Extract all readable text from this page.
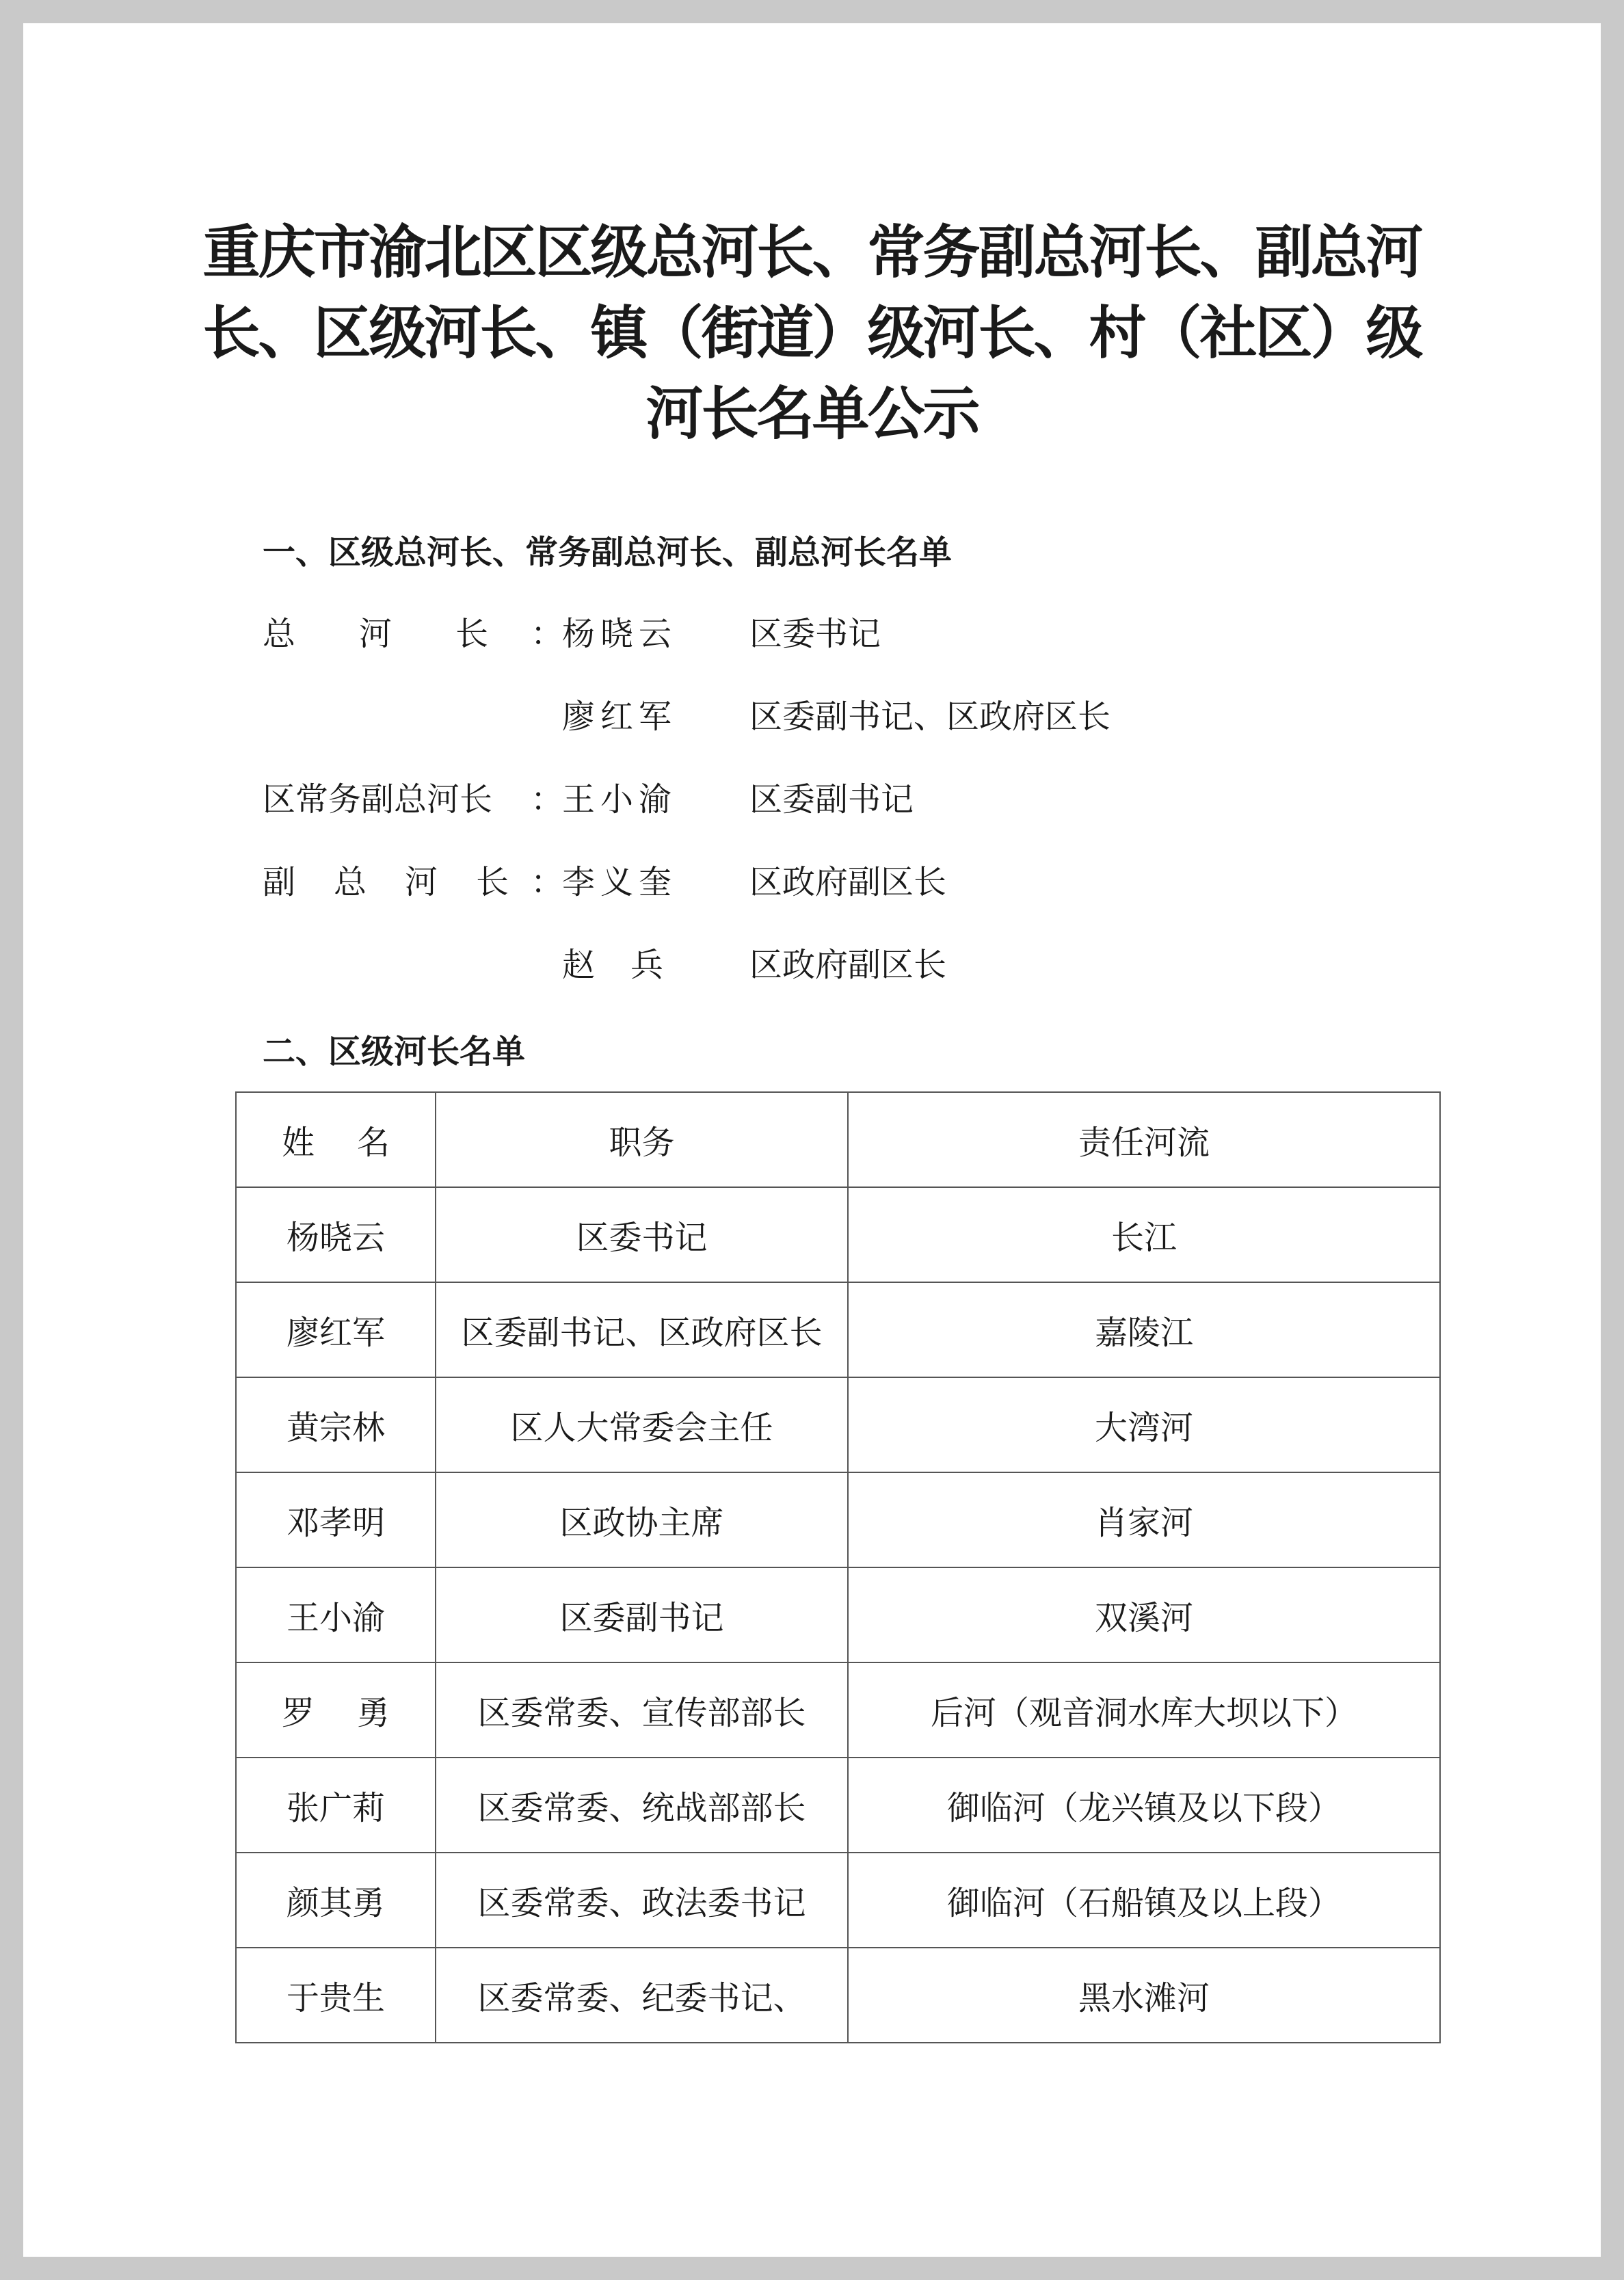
重庆市渝北区区级总河长、常务副总河长、副总河
长、区级河长、镇（街道）级河长、村（社区）级
河长名单公示
一、区级总河长、常务副总河长、副总河长名单
总 河 长 ：
杨 晓 云 区委书记
廖 红 军 区委副书记、区政府区长
区常务副总河长 ：
王 小 渝 区委副书记
副 总 河 长 ：
李 义 奎 区政府副区长
赵 兵	区政府副区长
二、区级河长名单
姓 名	职务	责任河流
杨晓云	区委书记	长江
廖红军	区委副书记、区政府区长	嘉陵江
黄宗林	区人大常委会主任	大湾河
邓孝明	区政协主席	肖家河
王小渝	区委副书记	双溪河

罗 勇	区委常委、宣传部部长	后河（观音洞水库大坝以下）
张广莉	区委常委、统战部部长	御临河（龙兴镇及以下段）
颜其勇	区委常委、政法委书记	御临河（石船镇及以上段）
于贵生	区委常委、纪委书记、	黑水滩河
